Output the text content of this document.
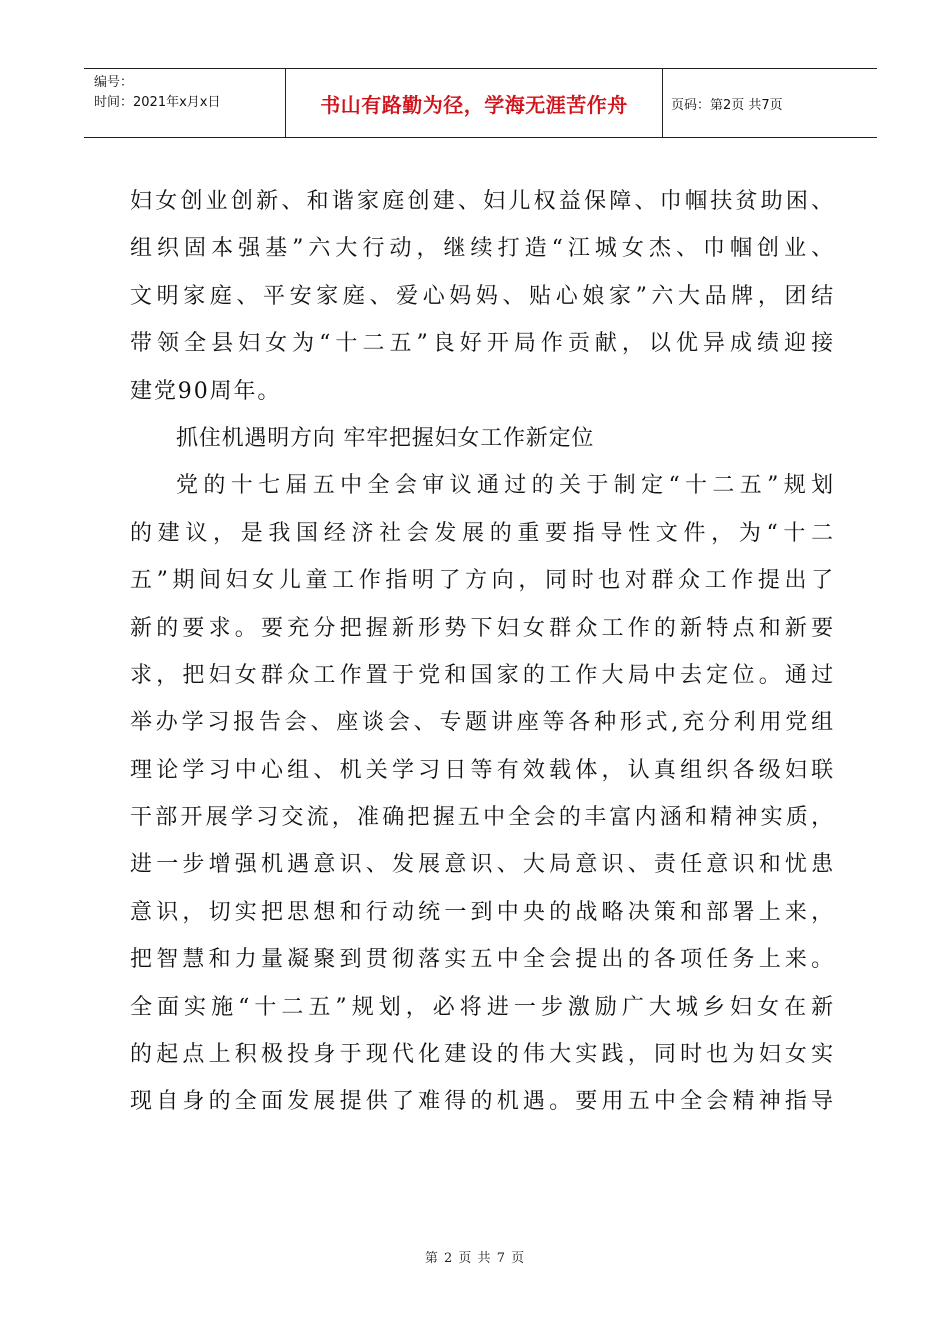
编号：
时间：2021年x月x日	书山有路勤为径，学海无涯苦作舟	页码：第2页 共7页
妇女创业创新、和谐家庭创建、妇儿权益保障、巾帼扶贫助困、
组织固本强基”六大行动，继续打造“江城女杰、巾帼创业、
文明家庭、平安家庭、爱心妈妈、贴心娘家”六大品牌，团结
带领全县妇女为“十二五”良好开局作贡献，以优异成绩迎接
建党90周年。
抓住机遇明方向 牢牢把握妇女工作新定位
党的十七届五中全会审议通过的关于制定“十二五”规划
的建议，是我国经济社会发展的重要指导性文件，为“十二
五”期间妇女儿童工作指明了方向，同时也对群众工作提出了
新的要求。要充分把握新形势下妇女群众工作的新特点和新要
求，把妇女群众工作置于党和国家的工作大局中去定位。通过
举办学习报告会、座谈会、专题讲座等各种形式,充分利用党组
理论学习中心组、机关学习日等有效载体，认真组织各级妇联
干部开展学习交流，准确把握五中全会的丰富内涵和精神实质，
进一步增强机遇意识、发展意识、大局意识、责任意识和忧患
意识，切实把思想和行动统一到中央的战略决策和部署上来，
把智慧和力量凝聚到贯彻落实五中全会提出的各项任务上来。
全面实施“十二五”规划，必将进一步激励广大城乡妇女在新
的起点上积极投身于现代化建设的伟大实践，同时也为妇女实
现自身的全面发展提供了难得的机遇。要用五中全会精神指导
第 2 页 共 7 页
